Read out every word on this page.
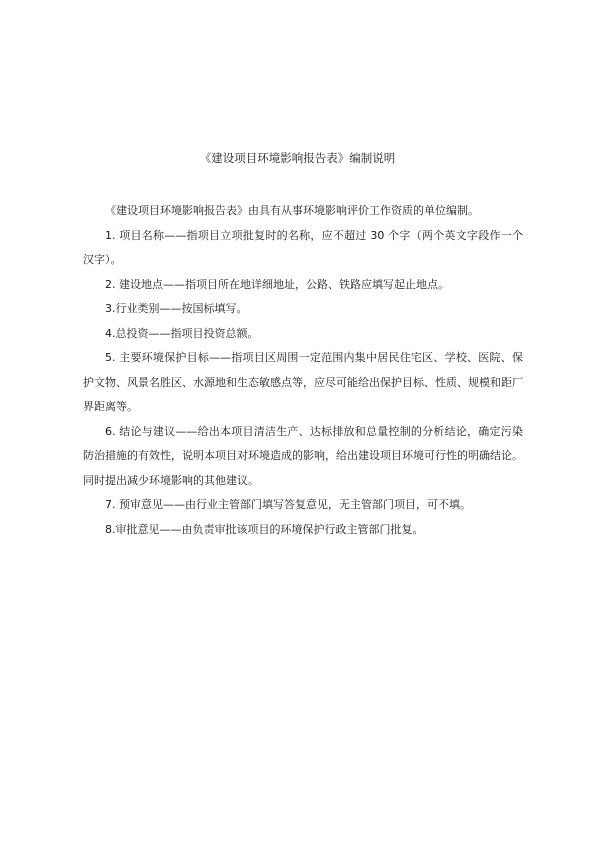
《建设项目环境影响报告表》编制说明

《建设项目环境影响报告表》由具有从事环境影响评价工作资质的单位编制。

1. 项目名称——指项目立项批复时的名称，应不超过 30 个字（两个英文字段作一个汉字）。

2. 建设地点——指项目所在地详细地址，公路、铁路应填写起止地点。

3.行业类别——按国标填写。

4.总投资——指项目投资总额。

5. 主要环境保护目标——指项目区周围一定范围内集中居民住宅区、学校、医院、保护文物、风景名胜区、水源地和生态敏感点等，应尽可能给出保护目标、性质、规模和距厂界距离等。

6. 结论与建议——给出本项目清洁生产、达标排放和总量控制的分析结论，确定污染防治措施的有效性，说明本项目对环境造成的影响，给出建设项目环境可行性的明确结论。同时提出减少环境影响的其他建议。

7. 预审意见——由行业主管部门填写答复意见，无主管部门项目，可不填。

8.审批意见——由负责审批该项目的环境保护行政主管部门批复。
